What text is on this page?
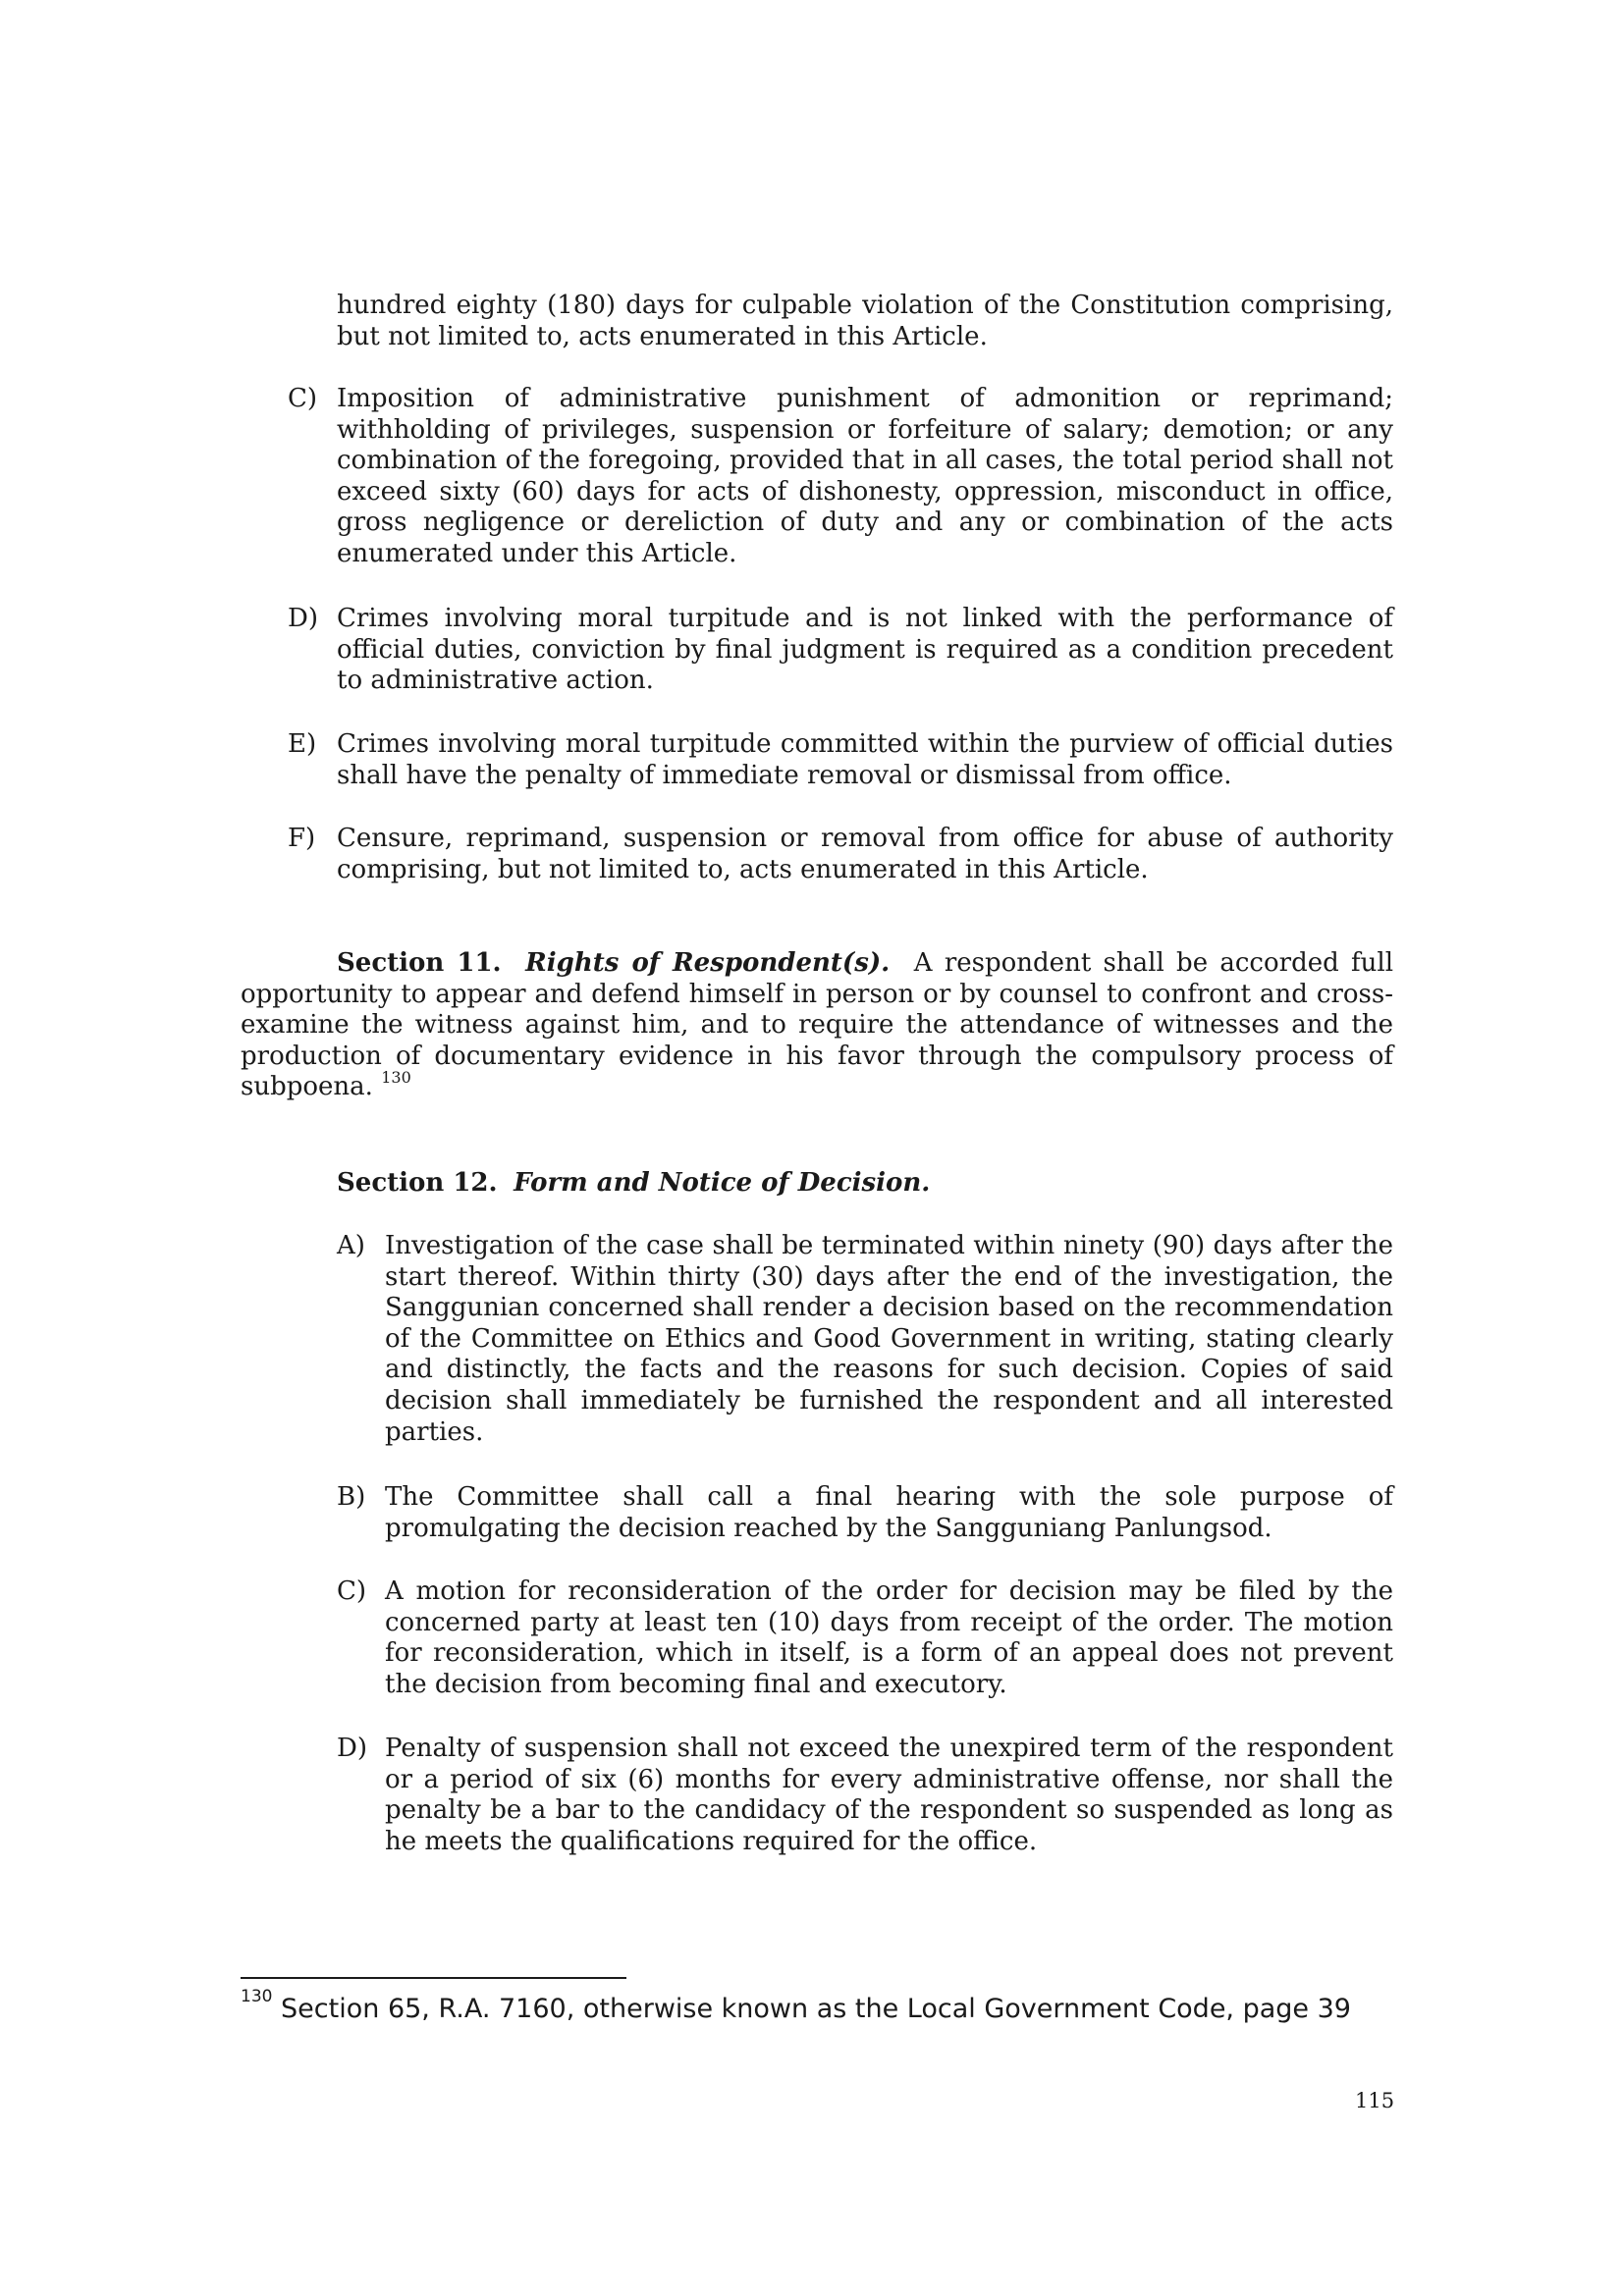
hundred eighty (180) days for culpable violation of the Constitution comprising, but not limited to, acts enumerated in this Article.

C) Imposition of administrative punishment of admonition or reprimand; withholding of privileges, suspension or forfeiture of salary; demotion; or any combination of the foregoing, provided that in all cases, the total period shall not exceed sixty (60) days for acts of dishonesty, oppression, misconduct in office, gross negligence or dereliction of duty and any or combination of the acts enumerated under this Article.
D) Crimes involving moral turpitude and is not linked with the performance of official duties, conviction by final judgment is required as a condition precedent to administrative action.
E) Crimes involving moral turpitude committed within the purview of official duties shall have the penalty of immediate removal or dismissal from office.
F) Censure, reprimand, suspension or removal from office for abuse of authority comprising, but not limited to, acts enumerated in this Article.

Section 11. Rights of Respondent(s). A respondent shall be accorded full opportunity to appear and defend himself in person or by counsel to confront and cross-examine the witness against him, and to require the attendance of witnesses and the production of documentary evidence in his favor through the compulsory process of subpoena. $^{130}$

Section 12. Form and Notice of Decision.
A) Investigation of the case shall be terminated within ninety (90) days after the start thereof. Within thirty (30) days after the end of the investigation, the Sanggunian concerned shall render a decision based on the recommendation of the Committee on Ethics and Good Government in writing, stating clearly and distinctly, the facts and the reasons for such decision. Copies of said decision shall immediately be furnished the respondent and all interested parties.
B) The Committee shall call a final hearing with the sole purpose of promulgating the decision reached by the Sangguniang Panlungsod.
C) A motion for reconsideration of the order for decision may be filed by the concerned party at least ten (10) days from receipt of the order. The motion for reconsideration, which in itself, is a form of an appeal does not prevent the decision from becoming final and executory.
D) Penalty of suspension shall not exceed the unexpired term of the respondent or a period of six (6) months for every administrative offense, nor shall the penalty be a bar to the candidacy of the respondent so suspended as long as he meets the qualifications required for the office.
$^{130}$ Section 65, R.A. 7160, otherwise known as the Local Government Code, page 39
115
